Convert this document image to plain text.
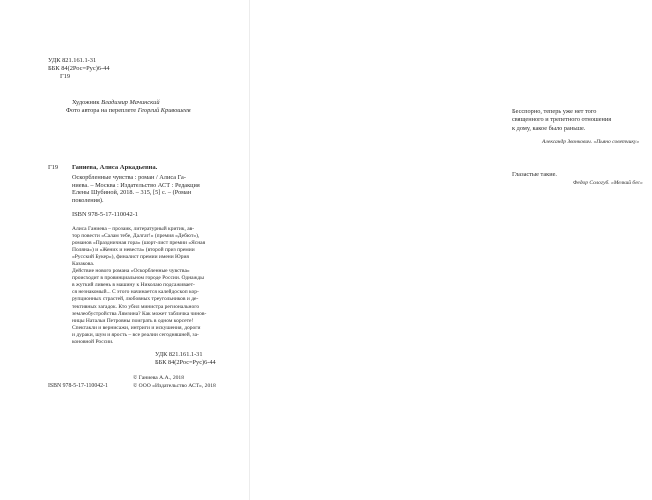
УДК 821.161.1-31
ББК 84(2Рос=Рус)6-44
Г19
Художник Владимир Мачинский
Фото автора на переплете Георгий Кривошеев
Г19 Ганиева, Алиса Аркадьевна.
Оскорбленные чувства : роман / Алиса Га-
ниева. – Москва : Издательство АСТ : Редакция
Елены Шубиной, 2018. – 315, [5] с. – (Роман
поколения).
ISBN 978-5-17-110042-1
Алиса Ганиева – прозаик, литературный критик, ав-
тор повести «Салам тебе, Далгат!» (премия «Дебют»),
романов «Праздничная гора» (шорт-лист премии «Ясная
Поляна») и «Жених и невеста» (второй приз премии
«Русский Букер»), финалист премии имени Юрия
Казакова.
Действие нового романа «Оскорбленные чувства»
происходит в провинциальном городе России. Однажды
в жуткий ливень в машину к Николаю подсаживает-
ся незнакомый... С этого начинается калейдоскоп кор-
рупционных страстей, любовных треугольников и де-
тективных загадок. Кто убил министра регионального
землеобустройства Лямзина? Как может табличка чинов-
ницы Натальи Петровны поиграть в одном корсете!
Спектакли и вернисажи, интриги и искушения, дороги
и дураки, шум и ярость – все реалии сегодняшней, за-
коновной России.
УДК 821.161.1-31
ББК 84(2Рос=Рус)6-44
ISBN 978-5-17-110042-1
© Ганиева А.А., 2018
© ООО «Издательство АСТ», 2018
Бесспорно, теперь уже нет того
священного и трепетного отношения
к дому, какое было раньше.
Александр Звонкович. «Пьяно советчику»
Глазастые такие.
Федор Сологуб. «Мелкий бес»
